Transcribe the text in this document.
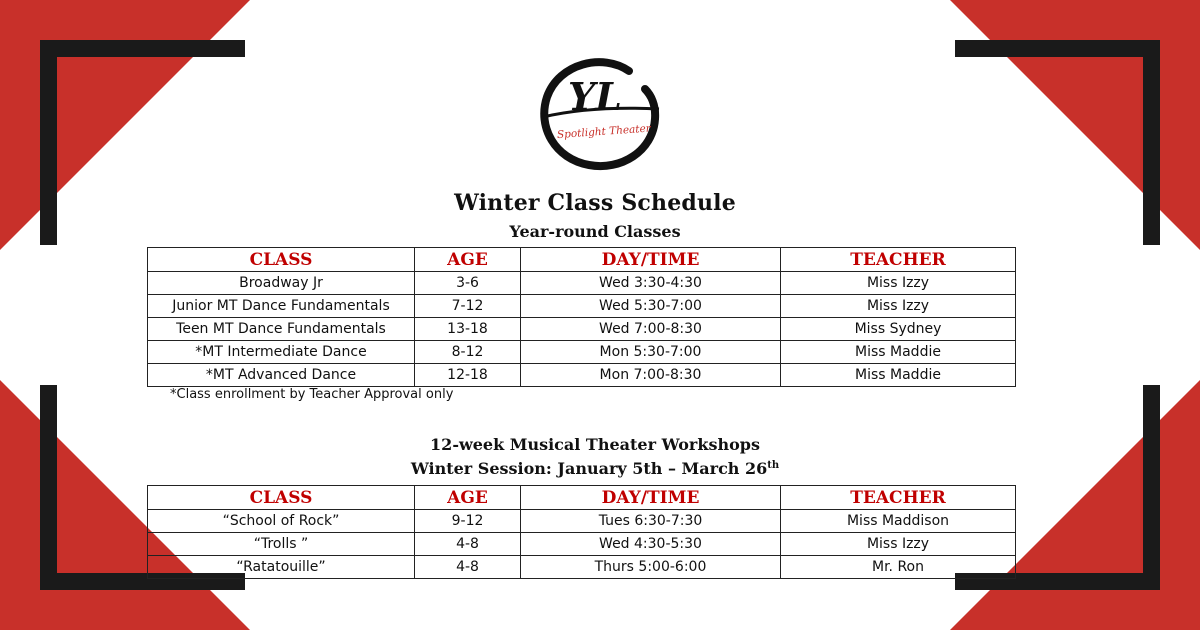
YL
Spotlight Theater
Winter Class Schedule
Year-round Classes
CLASS	AGE	DAY/TIME	TEACHER
Broadway Jr	3-6	Wed 3:30-4:30	Miss Izzy
Junior MT Dance Fundamentals	7-12	Wed 5:30-7:00	Miss Izzy
Teen MT Dance Fundamentals	13-18	Wed 7:00-8:30	Miss Sydney
*MT Intermediate Dance	8-12	Mon 5:30-7:00	Miss Maddie
*MT Advanced Dance	12-18	Mon 7:00-8:30	Miss Maddie
*Class enrollment by Teacher Approval only
12-week Musical Theater Workshops
Winter Session: January 5th – March 26th
CLASS	AGE	DAY/TIME	TEACHER
“School of Rock”	9-12	Tues 6:30-7:30	Miss Maddison
“Trolls ”	4-8	Wed 4:30-5:30	Miss Izzy
“Ratatouille”	4-8	Thurs 5:00-6:00	Mr. Ron
